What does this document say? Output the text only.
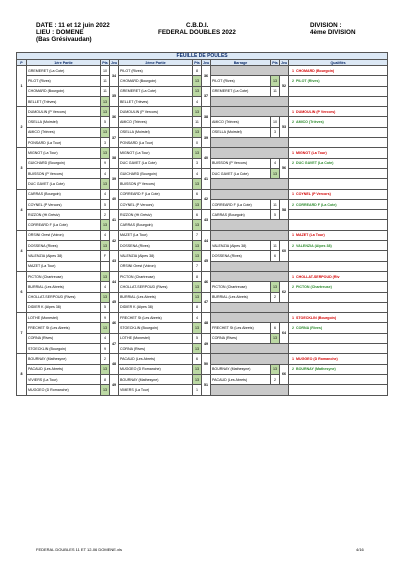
DATE : 11 et 12 juin 2022
LIEU : DOMENE
(Bas Grésivaudan)
C.B.D.I.
FEDERAL DOUBLES 2022
DIVISION :
4ème DIVISION
FEUILLE DE POULES										
P	1ère Partie	Pts	Jeu	2ème Partie	Pts	Jeu	Barrage	Pts	Jeu	Qualifiés
1	GREMERET (La Cote)	10	34	PILOT (Rives)	8	36				1 CHOMARD (Bourgoin)
	PILOT (Rives)	11		CHOMARD (Bourgoin)	13		PILOT (Rives)	13	52	2 PILOT (Rives)
	CHOMARD (Bourgoin)	11	35	GREMERET (La Cote)	13	37	GREMERET (La Cote)	11		
	BELLET (Trièves)	13		BELLET (Trièves)	4					
2	DUMOULIN (P Vercors)	13	36	DUMOULIN (P Vercors)	13	38				1 DUMOULIN (P Vercors)
	OSELLA (Moirstel)	5		AMICO (Trièves)	11		AMICO (Trièves)	10	53	2 AMICO (Trièves)
	AMICO (Trièves)	13	37	OSELLA (Moirstel)	13	39	OSELLA (Moirstel)	3		
	PONSARD (La Tour)	3		PONSARD (La Tour)	0					
3	MIGNOT (La Tour)	13	38	MIGNOT (La Tour)	13	40				1 MIGNOT (La Tour)
	GUICHARD (Bourgoin)	9		DUC GAVET (La Cote)	3		BUISSON (P Vercors)	4	56	2 DUC GAVET (La Cote)
	BUISSON (P Vercors)	4	39	GUICHARD (Bourgoin)	4	41	DUC GAVET (La Cote)	13		
	DUC GAVET (La Cote)	13		BUISSON (P Vercors)	13					
4	CARRAS (Bourgoin)	4	40	CORREARD F (La Cote)	6	42				1 COYNEL (P Vercors)
	COYNEL (P Vercors)	5		COYNEL (P Vercors)	13		CORREARD F (La Cote)	11	58	2 CORREARD F (La Cote)
	RIZZON (Ht Grésiv)	2	41	RIZZON (Ht Grésiv)	6	43	CARRAS (Bourgoin)	5		
	CORREARD F (La Cote)	13		CARRAS (Bourgoin)	13					
4	ORSINI Orest (Voiron)	4	42	MAZET (La Tour)	7	44				1 MAZET (La Tour)
	DOSSENA (Rives)	13		DOSSENA (Rives)	13		VALENZIA (Alpes 38)	11	60	2 VALENZIA (Alpes 38)
	VALENZIA (Alpes 38)	F	43	VALENZIA (Alpes 38)	13	45	DOSSENA (Rives)	6		
	MAZET (La Tour)			ORSINI Orest (Voiron)	7					
6	PICTON (Chartreuse)	13	44	PICTON (Chartreuse)	8	46				1 CHOLLAT-SERPOUD (Riv
	BURRIAL (Les Abrets)	4		CHOLLAT-SERPOUD (Rives)	13		PICTON (Chartreuse)	13	62	2 PICTON (Chartreuse)
	CHOLLAT-SERPOUD (Rives)	13	45	BURRIAL (Les Abrets)	13	47	BURRIAL (Les Abrets)	2		
	DIDIER K (Alpes 38)	5		DIDIER K (Alpes 38)	8					
7	LOTHE (Monestel)	9	46	FRECHET St (Les Abrets)	4	48				1 STOECKLIN (Bourgoin)
	FRECHET St (Les Abrets)	13		STOECKLIN (Bourgoin)	13		FRECHET St (Les Abrets)	6	64	2 CORNA (Rives)
	CORNA (Rives)	4	47	LOTHE (Monestel)	5	49	CORNA (Rives)	13		
	STOECKLIN (Bourgoin)	9		CORNA (Rives)	13					
8	BOURNAY (Mathesyne)	2	48	PACAUD (Les Abrets)	6	50				1 MUGGEO (D Romanche)
	PACAUD (Les Abrets)	13		MUGGEO (D Romanche)	13		BOURNAY (Mathesyne)	13	66	2 BOURNAY (Mathesyne)
	VIVIERS (La Tour)	8	49	BOURNAY (Mathesyne)	13	51	PACAUD (Les Abrets)	2		
	MUGGEO (D Romanche)	13		VIMERS (La Tour)	1					
FEDERAL DOUBLES 11 ET 12-06 DOMENE.xls	4/16
